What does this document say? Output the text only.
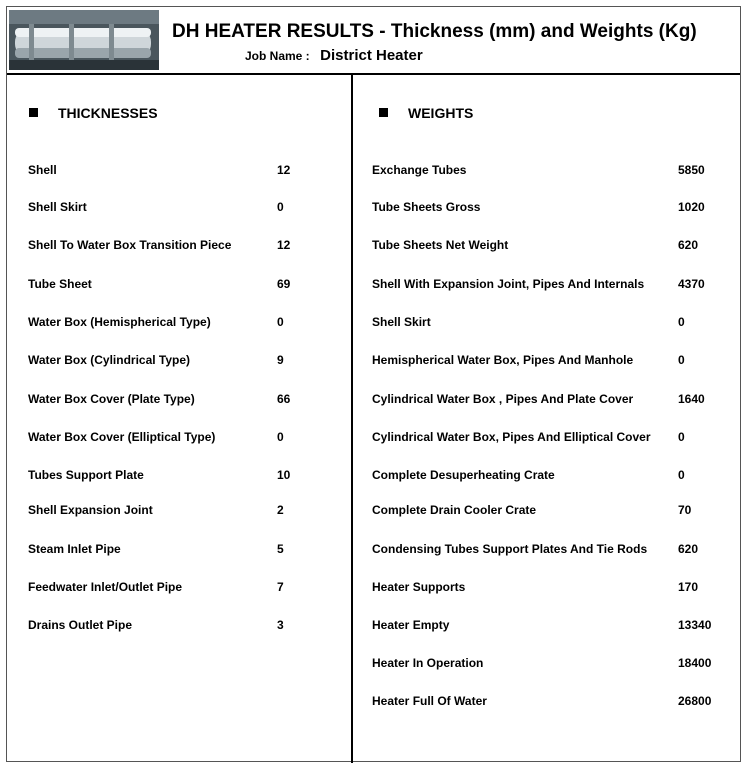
DH HEATER RESULTS - Thickness (mm) and Weights (Kg)
Job Name : District Heater
THICKNESSES	WEIGHTS
Shell	12
Shell Skirt	0
Shell To Water Box Transition Piece	12
Tube Sheet	69
Water Box (Hemispherical Type)	0
Water Box (Cylindrical Type)	9
Water Box Cover (Plate Type)	66
Water Box Cover (Elliptical Type)	0
Tubes Support Plate	10
Shell Expansion Joint	2
Steam Inlet Pipe	5
Feedwater Inlet/Outlet Pipe	7
Drains Outlet Pipe	3
Exchange Tubes	5850
Tube Sheets Gross	1020
Tube Sheets Net Weight	620
Shell With Expansion Joint, Pipes And Internals	4370
Shell Skirt	0
Hemispherical Water Box, Pipes And Manhole	0
Cylindrical Water Box , Pipes And Plate Cover	1640
Cylindrical Water Box, Pipes And Elliptical Cover 0
Complete Desuperheating Crate	0
Complete Drain Cooler Crate	70
Condensing Tubes Support Plates And Tie Rods	620
Heater Supports	170
Heater Empty	13340
Heater In Operation	18400
Heater Full Of Water	26800
